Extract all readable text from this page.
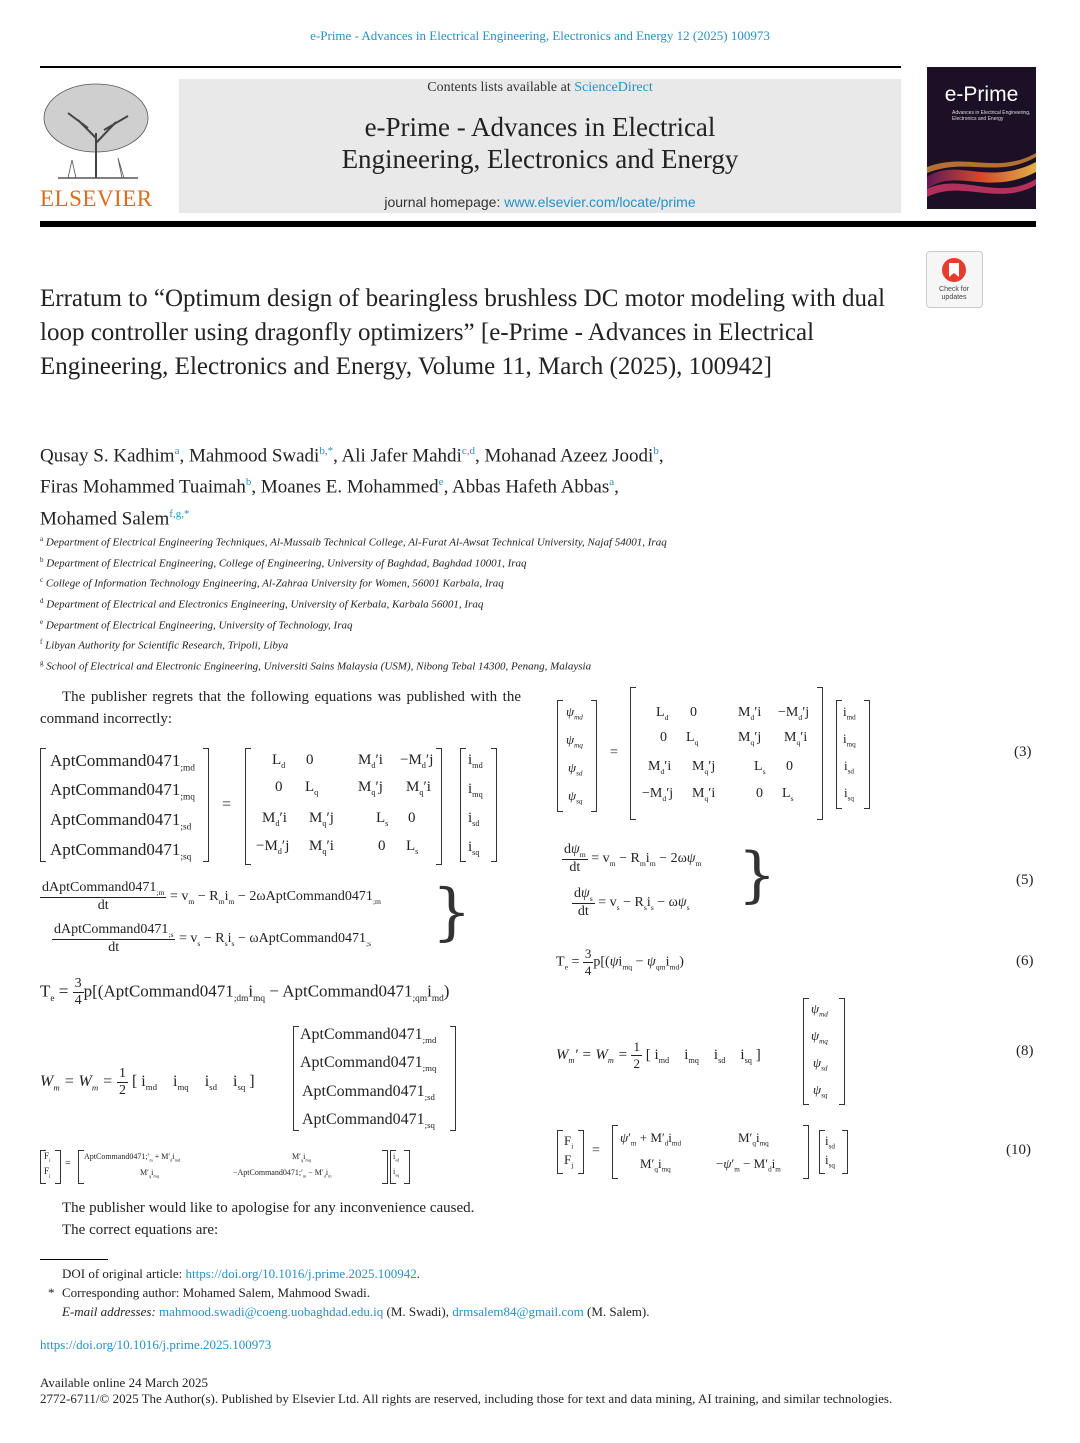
e-Prime - Advances in Electrical Engineering, Electronics and Energy 12 (2025) 100973
ELSEVIER
Contents lists available at ScienceDirect
e-Prime - Advances in Electrical
Engineering, Electronics and Energy
journal homepage: www.elsevier.com/locate/prime
e-Prime
Advances in Electrical Engineering, Electronics and Energy
Check for updates
Erratum to “Optimum design of bearingless brushless DC motor modeling with dual loop controller using dragonfly optimizers” [e-Prime - Advances in Electrical Engineering, Electronics and Energy, Volume 11, March (2025), 100942]
Qusay S. Kadhim$^a$, Mahmood Swadi$^{b,*}$, Ali Jafer Mahdi$^{c,d}$, Mohanad Azeez Joodi$^b$,
Firas Mohammed Tuaimah$^b$, Moanes E. Mohammed$^e$, Abbas Hafeth Abbas$^a$,
Mohamed Salem$^{f,g,*}$
$^a$ Department of Electrical Engineering Techniques, Al-Mussaib Technical College, Al-Furat Al-Awsat Technical University, Najaf 54001, Iraq
$^b$ Department of Electrical Engineering, College of Engineering, University of Baghdad, Baghdad 10001, Iraq
$^c$ College of Information Technology Engineering, Al-Zahraa University for Women, 56001 Karbala, Iraq
$^d$ Department of Electrical and Electronics Engineering, University of Kerbala, Karbala 56001, Iraq
$^e$ Department of Electrical Engineering, University of Technology, Iraq
$^f$ Libyan Authority for Scientific Research, Tripoli, Libya
$^g$ School of Electrical and Electronic Engineering, Universiti Sains Malaysia (USM), Nibong Tebal 14300, Penang, Malaysia
The publisher regrets that the following equations was published with the command incorrectly:
$AptCommand0471_{;md}$
$AptCommand0471_{;mq}$
$AptCommand0471_{;sd}$
$AptCommand0471_{;sq}$
=
$L_d$ 0	$M_d'i -M_d'j$
0 $L_q$	$M_q'j$ $M_q'i$
$M_d'i$ $M_q'j$	$L_s$ 0
$-M_d'j$ $M_q'i$	0 $L_s$
$i_{md}$
$i_{mq}$
$i_{sd}$
$i_{sq}$
$\frac{dAptCommand0471_{;m}}{dt} = v_m - R_mi_m$ − $2\omega AptCommand0471_{;m}$
$\frac{dAptCommand0471_{;s}}{dt} = v_s - R_si_s$ − $\omega AptCommand0471_{;s}$ }
$T_e = \frac{3}{4}$ $p[(AptCommand0471_{;dm}i_{mq}$ − $AptCommand0471_{;qm}i_{md}$)
$W_m = W_m = \frac{1}{2}$ [ $i_{md}$    $i_{mq}$    $i_{sd}$    $i_{sq}$ ]
$AptCommand0471_{;md}$
$AptCommand0471_{;mq}$
$AptCommand0471_{;sd}$
$AptCommand0471_{;sq}$
$F_i$
$F_j$
=
$AptCommand0471;'_m + M'_di_{md}$	$M'_qi_{mq}$
$M'_qi_{mq}$	$-AptCommand0471;'_m - M'_di_m$
$i_{sd}$
$i_{sq}$
The publisher would like to apologise for any inconvenience caused.
The correct equations are:
$\psi_{md}$
$\psi_{mq}$
$\psi_{sd}$
$\psi_{sq}$
=
$L_d$ 0	$M_d'i -M_d'j$
0 $L_q$	$M_q'j$ $M_q'i$
$M_d'i$ $M_q'j$	$L_s$ 0
$-M_d'j$ $M_q'i$	0 $L_s$
$i_{md}$
$i_{mq}$
$i_{sd}$
$i_{sq}$
(3)
$\frac{d\psi_m}{dt} = v_m - R_mi_m - 2\omega\psi_m$
$\frac{d\psi_s}{dt} = v_s - R_si_s - \omega\psi_s$ }	(5)
$T_e = \frac{3}{4} p[(\psi i_{mq} - \psi_{qm}i_{md})$	(6)
$W_m' = W_m = \frac{1}{2}$ [ $i_{md}$    $i_{mq}$    $i_{sd}$    $i_{sq}$ ]
$\psi_{md}$
$\psi_{mq}$
$\psi_{sd}$
$\psi_{sq}$
(8)
$F_i$
$F_j$
=
$\psi'_m + M'_di_{md}$	$M'_qi_{mq}$
$M'_qi_{mq}$	$-\psi'_m - M'_di_m$
$i_{sd}$
$i_{sq}$
(10)
DOI of original article: https://doi.org/10.1016/j.prime.2025.100942.
* Corresponding author: Mohamed Salem, Mahmood Swadi.
E-mail addresses: mahmood.swadi@coeng.uobaghdad.edu.iq (M. Swadi), drmsalem84@gmail.com (M. Salem).
https://doi.org/10.1016/j.prime.2025.100973
Available online 24 March 2025
2772-6711/© 2025 The Author(s). Published by Elsevier Ltd. All rights are reserved, including those for text and data mining, AI training, and similar technologies.
